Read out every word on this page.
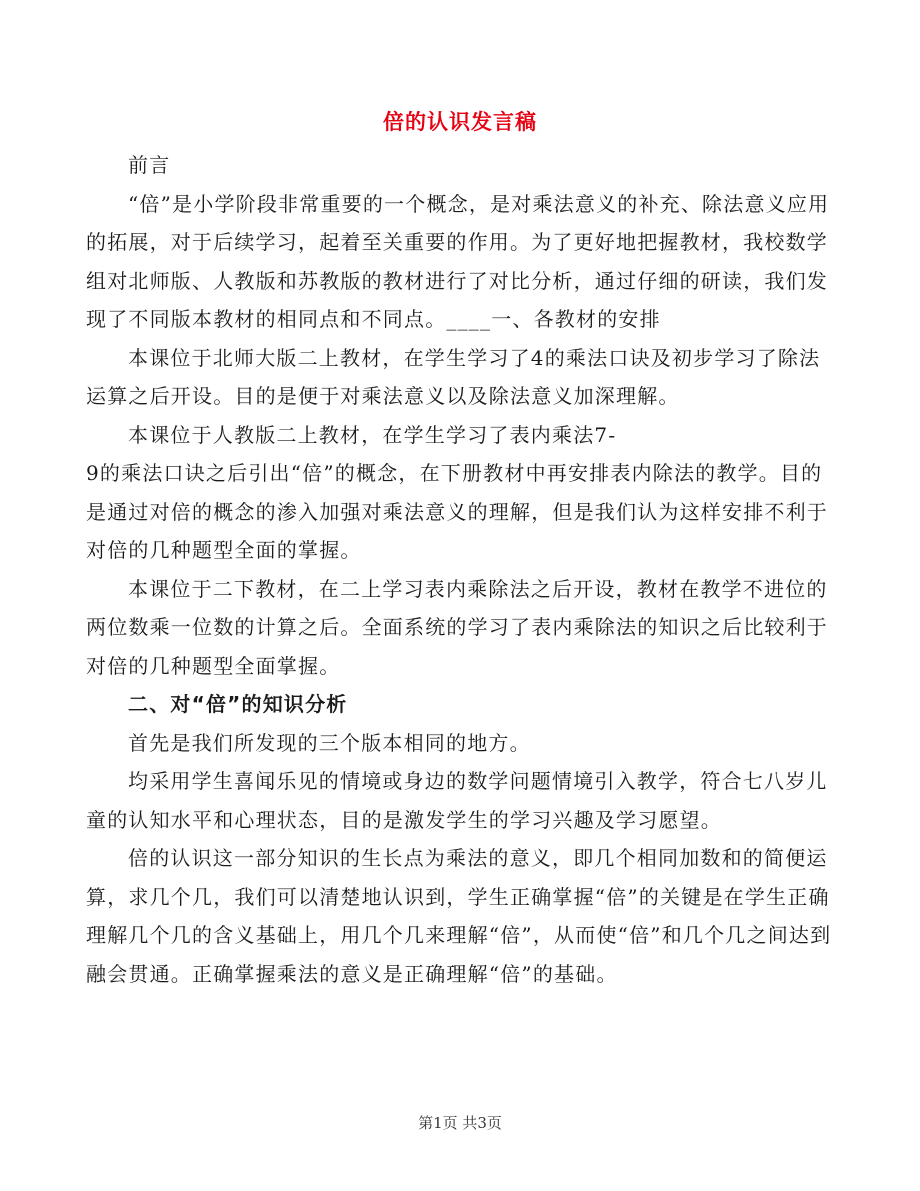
倍的认识发言稿

前言

“倍”是小学阶段非常重要的一个概念，是对乘法意义的补充、除法意义应用的拓展，对于后续学习，起着至关重要的作用。为了更好地把握教材，我校数学组对北师版、人教版和苏教版的教材进行了对比分析，通过仔细的研读，我们发现了不同版本教材的相同点和不同点。____一、各教材的安排

本课位于北师大版二上教材，在学生学习了4的乘法口诀及初步学习了除法运算之后开设。目的是便于对乘法意义以及除法意义加深理解。

本课位于人教版二上教材，在学生学习了表内乘法7-

9的乘法口诀之后引出“倍”的概念，在下册教材中再安排表内除法的教学。目的是通过对倍的概念的渗入加强对乘法意义的理解，但是我们认为这样安排不利于对倍的几种题型全面的掌握。

本课位于二下教材，在二上学习表内乘除法之后开设，教材在教学不进位的两位数乘一位数的计算之后。全面系统的学习了表内乘除法的知识之后比较利于对倍的几种题型全面掌握。

二、对“倍”的知识分析

首先是我们所发现的三个版本相同的地方。

均采用学生喜闻乐见的情境或身边的数学问题情境引入教学，符合七八岁儿童的认知水平和心理状态，目的是激发学生的学习兴趣及学习愿望。

倍的认识这一部分知识的生长点为乘法的意义，即几个相同加数和的简便运算，求几个几，我们可以清楚地认识到，学生正确掌握“倍”的关键是在学生正确理解几个几的含义基础上，用几个几来理解“倍”，从而使“倍”和几个几之间达到融会贯通。正确掌握乘法的意义是正确理解“倍”的基础。

第1页 共3页
